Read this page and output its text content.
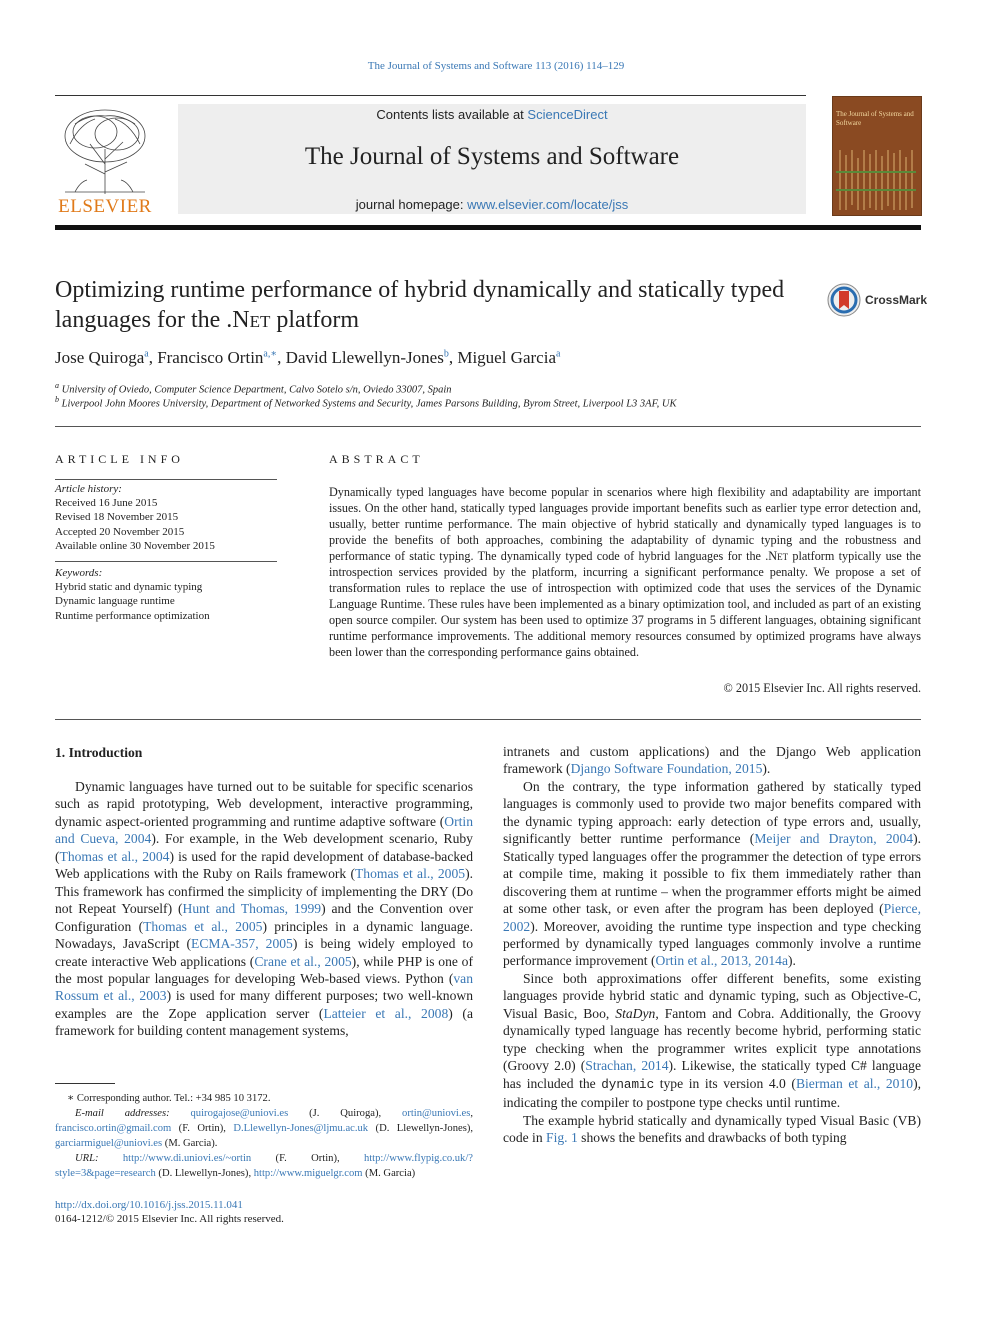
The Journal of Systems and Software 113 (2016) 114–129
ELSEVIER
Contents lists available at ScienceDirect
The Journal of Systems and Software
journal homepage: www.elsevier.com/locate/jss
The Journal of Systems and Software
Optimizing runtime performance of hybrid dynamically and statically typed languages for the .Net platform
CrossMark
Jose Quiroga$^a$, Francisco Ortin$^{a,∗}$, David Llewellyn-Jones$^b$, Miguel Garcia$^a$
$^a$ University of Oviedo, Computer Science Department, Calvo Sotelo s/n, Oviedo 33007, Spain
$^b$ Liverpool John Moores University, Department of Networked Systems and Security, James Parsons Building, Byrom Street, Liverpool L3 3AF, UK
ARTICLE INFO
Article history:
Received 16 June 2015
Revised 18 November 2015
Accepted 20 November 2015
Available online 30 November 2015
Keywords:
Hybrid static and dynamic typing
Dynamic language runtime
Runtime performance optimization
ABSTRACT
Dynamically typed languages have become popular in scenarios where high flexibility and adaptability are important issues. On the other hand, statically typed languages provide important benefits such as earlier type error detection and, usually, better runtime performance. The main objective of hybrid statically and dynamically typed languages is to provide the benefits of both approaches, combining the adaptability of dynamic typing and the robustness and performance of static typing. The dynamically typed code of hybrid languages for the .Net platform typically use the introspection services provided by the platform, incurring a significant performance penalty. We propose a set of transformation rules to replace the use of introspection with optimized code that uses the services of the Dynamic Language Runtime. These rules have been implemented as a binary optimization tool, and included as part of an existing open source compiler. Our system has been used to optimize 37 programs in 5 different languages, obtaining significant runtime performance improvements. The additional memory resources consumed by optimized programs have always been lower than the corresponding performance gains obtained.
© 2015 Elsevier Inc. All rights reserved.
1. Introduction

Dynamic languages have turned out to be suitable for specific scenarios such as rapid prototyping, Web development, interactive programming, dynamic aspect-oriented programming and runtime adaptive software (Ortin and Cueva, 2004). For example, in the Web development scenario, Ruby (Thomas et al., 2004) is used for the rapid development of database-backed Web applications with the Ruby on Rails framework (Thomas et al., 2005). This framework has confirmed the simplicity of implementing the DRY (Do not Repeat Yourself) (Hunt and Thomas, 1999) and the Convention over Configuration (Thomas et al., 2005) principles in a dynamic language. Nowadays, JavaScript (ECMA-357, 2005) is being widely employed to create interactive Web applications (Crane et al., 2005), while PHP is one of the most popular languages for developing Web-based views. Python (van Rossum et al., 2003) is used for many different purposes; two well-known examples are the Zope application server (Latteier et al., 2008) (a framework for building content management systems,

intranets and custom applications) and the Django Web application framework (Django Software Foundation, 2015).

On the contrary, the type information gathered by statically typed languages is commonly used to provide two major benefits compared with the dynamic typing approach: early detection of type errors and, usually, significantly better runtime performance (Meijer and Drayton, 2004). Statically typed languages offer the programmer the detection of type errors at compile time, making it possible to fix them immediately rather than discovering them at runtime – when the programmer efforts might be aimed at some other task, or even after the program has been deployed (Pierce, 2002). Moreover, avoiding the runtime type inspection and type checking performed by dynamically typed languages commonly involve a runtime performance improvement (Ortin et al., 2013, 2014a).

Since both approximations offer different benefits, some existing languages provide hybrid static and dynamic typing, such as Objective-C, Visual Basic, Boo, StaDyn, Fantom and Cobra. Additionally, the Groovy dynamically typed language has recently become hybrid, performing static type checking when the programmer writes explicit type annotations (Groovy 2.0) (Strachan, 2014). Likewise, the statically typed C# language has included the dynamic type in its version 4.0 (Bierman et al., 2010), indicating the compiler to postpone type checks until runtime.

The example hybrid statically and dynamically typed Visual Basic (VB) code in Fig. 1 shows the benefits and drawbacks of both typing

∗ Corresponding author. Tel.: +34 985 10 3172.

E-mail addresses: quirogajose@uniovi.es (J. Quiroga), ortin@uniovi.es, francisco.ortin@gmail.com (F. Ortin), D.Llewellyn-Jones@ljmu.ac.uk (D. Llewellyn-Jones), garciarmiguel@uniovi.es (M. Garcia).

URL: http://www.di.uniovi.es/~ortin (F. Ortin), http://www.flypig.co.uk/?style=3&page=research (D. Llewellyn-Jones), http://www.miguelgr.com (M. Garcia)

http://dx.doi.org/10.1016/j.jss.2015.11.041
0164-1212/© 2015 Elsevier Inc. All rights reserved.
